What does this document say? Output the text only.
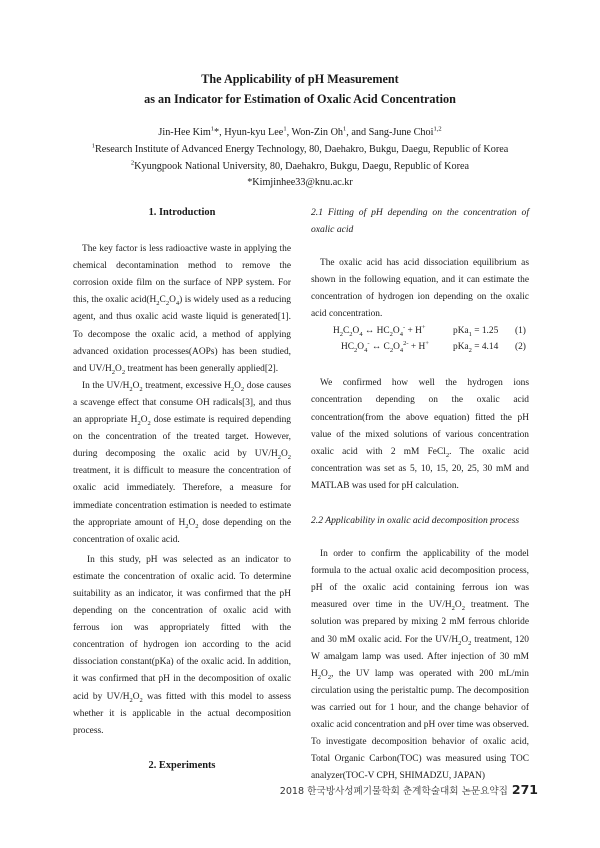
The Applicability of pH Measurement
as an Indicator for Estimation of Oxalic Acid Concentration
Jin-Hee Kim$^1$*, Hyun-kyu Lee$^1$, Won-Zin Oh$^1$, and Sang-June Choi$^{1,2}$
$^1$Research Institute of Advanced Energy Technology, 80, Daehakro, Bukgu, Daegu, Republic of Korea
$^2$Kyungpook National University, 80, Daehakro, Bukgu, Daegu, Republic of Korea
*Kimjinhee33@knu.ac.kr
1. Introduction

The key factor is less radioactive waste in applying the chemical decontamination method to remove the corrosion oxide film on the surface of NPP system. For this, the oxalic $acid(H_2C_2O_4)$ is widely used as a reducing agent, and thus oxalic acid waste liquid is generated[1]. To decompose the oxalic acid, a method of applying advanced oxidation processes(AOPs) has been studied, and $UV/H_2O_2$ treatment has been generally applied[2].

In the $UV/H_2O_2$ treatment, excessive $H_2O_2$ dose causes a scavenge effect that consume OH radicals[3], and thus an appropriate $H_2O_2$ dose estimate is required depending on the concentration of the treated target. However, during decomposing the oxalic acid by $UV/H_2O_2$ treatment, it is difficult to measure the concentration of oxalic acid immediately. Therefore, a measure for immediate concentration estimation is needed to estimate the appropriate amount of $H_2O_2$ dose depending on the concentration of oxalic acid.

In this study, pH was selected as an indicator to estimate the concentration of oxalic acid. To determine suitability as an indicator, it was confirmed that the pH depending on the concentration of oxalic acid with ferrous ion was appropriately fitted with the concentration of hydrogen ion according to the acid dissociation constant(pKa) of the oxalic acid. In addition, it was confirmed that pH in the decomposition of oxalic acid by $UV/H_2O_2$ was fitted with this model to assess whether it is applicable in the actual decomposition process.

2. Experiments
2.1 Fitting of pH depending on the concentration of oxalic acid

The oxalic acid has acid dissociation equilibrium as shown in the following equation, and it can estimate the concentration of hydrogen ion depending on the oxalic acid concentration.

We confirmed how well the hydrogen ions concentration depending on the oxalic acid concentration(from the above equation) fitted the pH value of the mixed solutions of various concentration oxalic acid with 2 mM FeCl$_2$. The oxalic acid concentration was set as 5, 10, 15, 20, 25, 30 mM and MATLAB was used for pH calculation.

2.2 Applicability in oxalic acid decomposition process

In order to confirm the applicability of the model formula to the actual oxalic acid decomposition process, pH of the oxalic acid containing ferrous ion was measured over time in the $UV/H_2O_2$ treatment. The solution was prepared by mixing 2 mM ferrous chloride and 30 mM oxalic acid. For the $UV/H_2O_2$ treatment, 120 W amalgam lamp was used. After injection of 30 mM $H_2O_2$, the UV lamp was operated with 200 mL/min circulation using the peristaltic pump. The decomposition was carried out for 1 hour, and the change behavior of oxalic acid concentration and pH over time was observed. To investigate decomposition behavior of oxalic acid, Total Organic Carbon(TOC) was measured using TOC analyzer(TOC-V CPH, SHIMADZU, JAPAN)

$H_2C_2O_4$ ↔ $HC_2O_4^- + H^+$	pKa$_1$ = 1.25 (1)
$HC_2O_4^-$ ↔ $C_2O_4^{2-} + H^+$	pKa$_2$ = 4.14 (2)
2018 한국방사성폐기물학회 춘계학술대회 논문요약집 271
